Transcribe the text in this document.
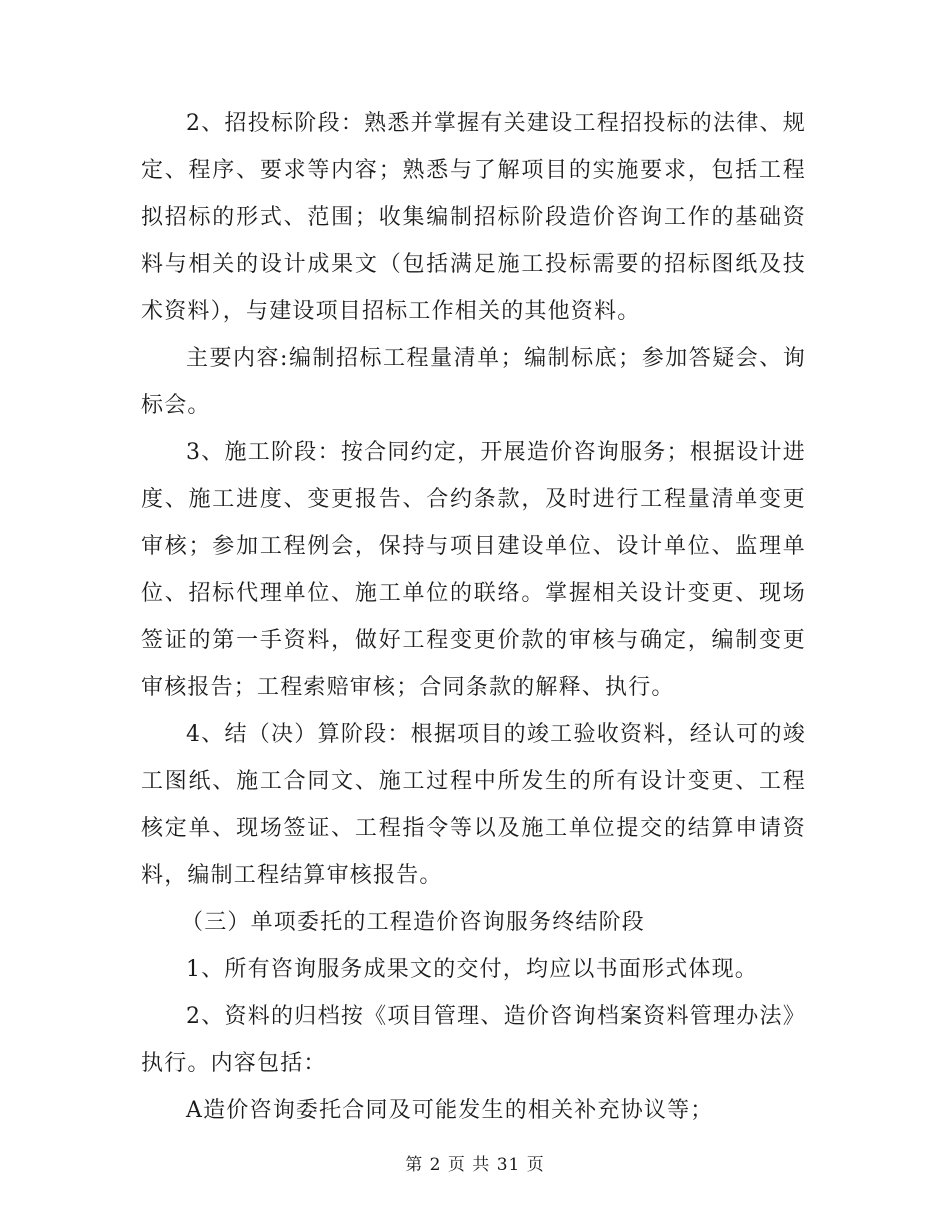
2、招投标阶段：熟悉并掌握有关建设工程招投标的法律、规定、程序、要求等内容；熟悉与了解项目的实施要求，包括工程拟招标的形式、范围；收集编制招标阶段造价咨询工作的基础资料与相关的设计成果文（包括满足施工投标需要的招标图纸及技术资料），与建设项目招标工作相关的其他资料。

主要内容:编制招标工程量清单；编制标底；参加答疑会、询标会。

3、施工阶段：按合同约定，开展造价咨询服务；根据设计进度、施工进度、变更报告、合约条款，及时进行工程量清单变更审核；参加工程例会，保持与项目建设单位、设计单位、监理单位、招标代理单位、施工单位的联络。掌握相关设计变更、现场签证的第一手资料，做好工程变更价款的审核与确定，编制变更审核报告；工程索赔审核；合同条款的解释、执行。

4、结（决）算阶段：根据项目的竣工验收资料，经认可的竣工图纸、施工合同文、施工过程中所发生的所有设计变更、工程核定单、现场签证、工程指令等以及施工单位提交的结算申请资料，编制工程结算审核报告。

（三）单项委托的工程造价咨询服务终结阶段

1、所有咨询服务成果文的交付，均应以书面形式体现。

2、资料的归档按《项目管理、造价咨询档案资料管理办法》执行。内容包括：

A造价咨询委托合同及可能发生的相关补充协议等；

第 2 页 共 31 页
